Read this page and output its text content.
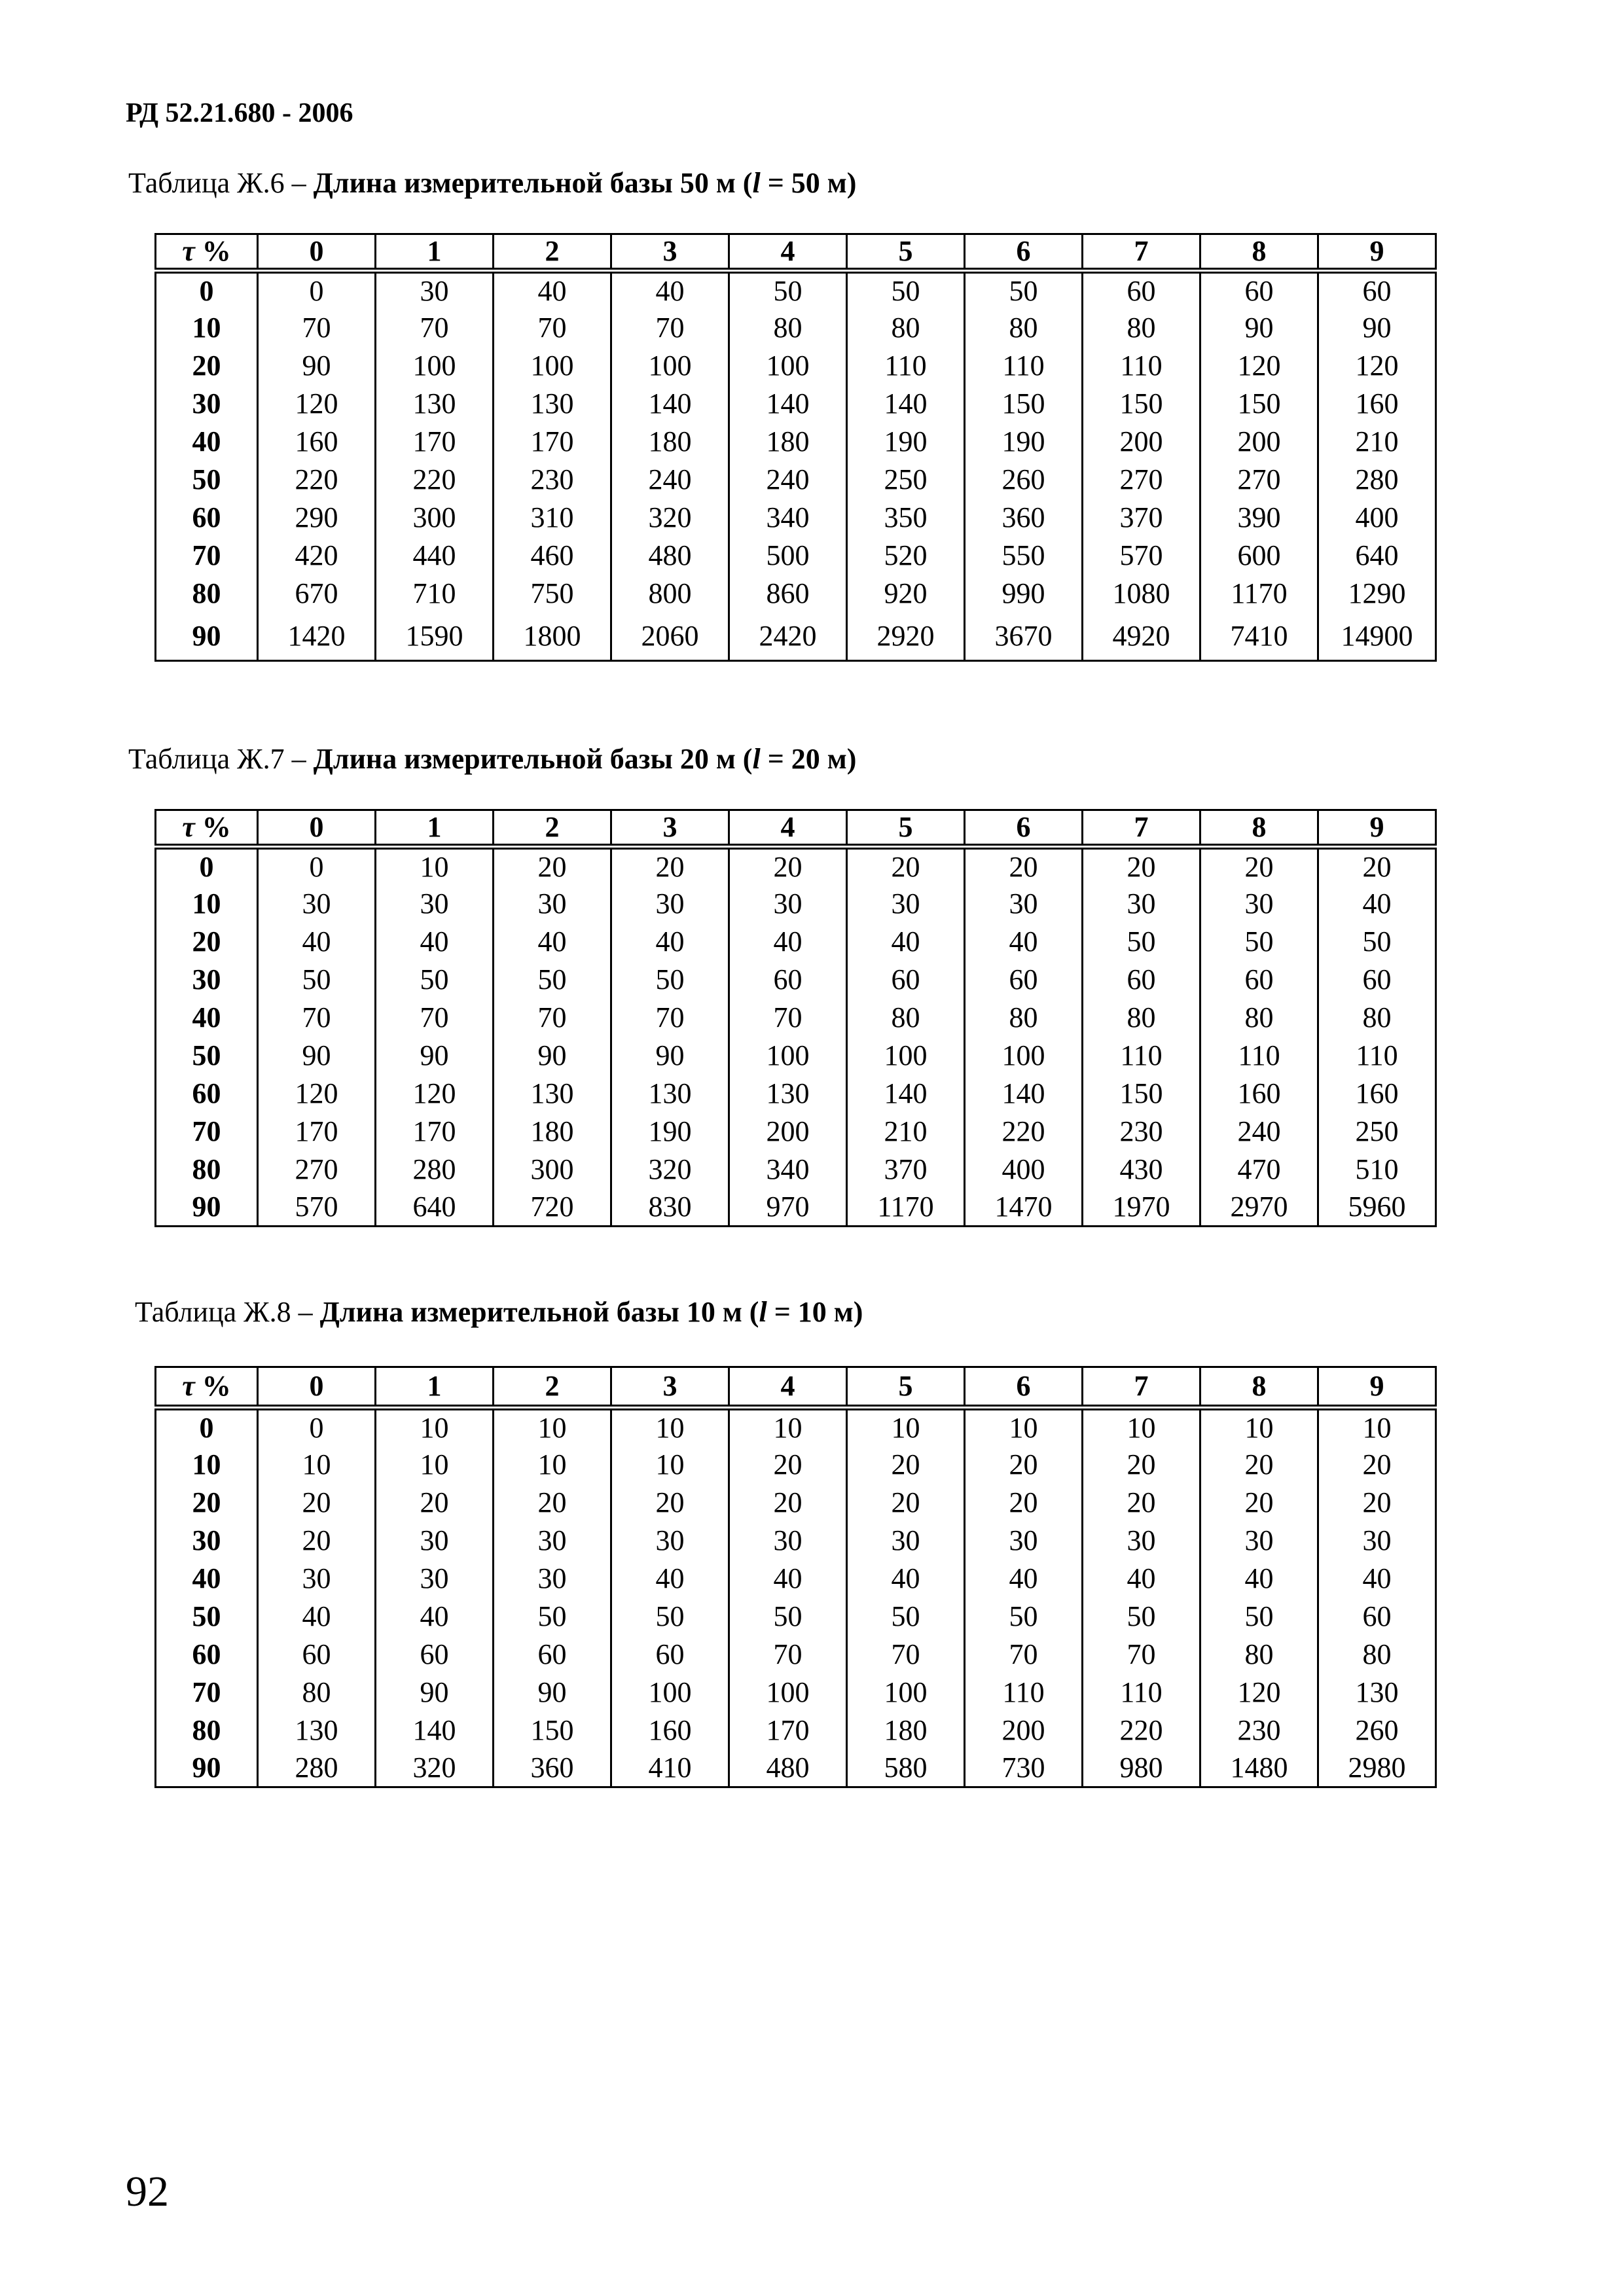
РД 52.21.680 - 2006
Таблица Ж.6 – Длина измерительной базы 50 м (l = 50 м)
τ %	0	1	2	3	4	5	6	7	8	9
0	0	30	40	40	50	50	50	60	60	60
10	70	70	70	70	80	80	80	80	90	90
20	90	100	100	100	100	110	110	110	120	120
30	120	130	130	140	140	140	150	150	150	160
40	160	170	170	180	180	190	190	200	200	210
50	220	220	230	240	240	250	260	270	270	280
60	290	300	310	320	340	350	360	370	390	400
70	420	440	460	480	500	520	550	570	600	640
80	670	710	750	800	860	920	990	1080	1170	1290
90	1420	1590	1800	2060	2420	2920	3670	4920	7410	14900
Таблица Ж.7 – Длина измерительной базы 20 м (l = 20 м)
τ %	0	1	2	3	4	5	6	7	8	9
0	0	10	20	20	20	20	20	20	20	20
10	30	30	30	30	30	30	30	30	30	40
20	40	40	40	40	40	40	40	50	50	50
30	50	50	50	50	60	60	60	60	60	60
40	70	70	70	70	70	80	80	80	80	80
50	90	90	90	90	100	100	100	110	110	110
60	120	120	130	130	130	140	140	150	160	160
70	170	170	180	190	200	210	220	230	240	250
80	270	280	300	320	340	370	400	430	470	510
90	570	640	720	830	970	1170	1470	1970	2970	5960
Таблица Ж.8 – Длина измерительной базы 10 м (l = 10 м)
τ %	0	1	2	3	4	5	6	7	8	9
0	0	10	10	10	10	10	10	10	10	10
10	10	10	10	10	20	20	20	20	20	20
20	20	20	20	20	20	20	20	20	20	20
30	20	30	30	30	30	30	30	30	30	30
40	30	30	30	40	40	40	40	40	40	40
50	40	40	50	50	50	50	50	50	50	60
60	60	60	60	60	70	70	70	70	80	80
70	80	90	90	100	100	100	110	110	120	130
80	130	140	150	160	170	180	200	220	230	260
90	280	320	360	410	480	580	730	980	1480	2980
92
